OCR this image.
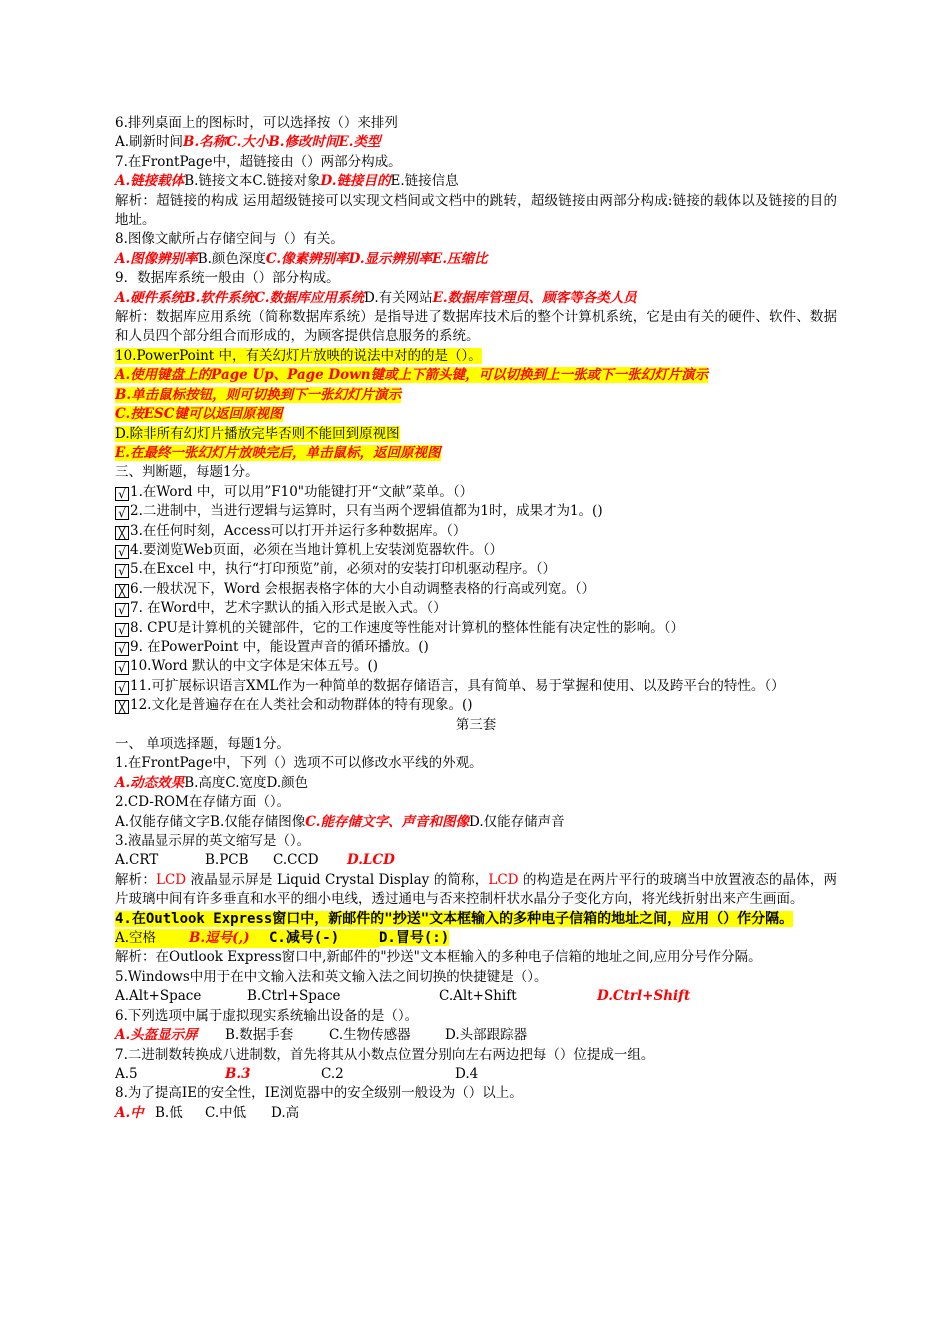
6.排列桌面上的图标时，可以选择按（）来排列
A.刷新时间B.名称C.大小B.修改时间E.类型
7.在FrontPage中，超链接由（）两部分构成。
A.链接载体B.链接文本C.链接对象D.链接目的E.链接信息
解析：超链接的构成 运用超级链接可以实现文档间或文档中的跳转，超级链接由两部分构成:链接的载体以及链接的目的地址。
8.图像文献所占存储空间与（）有关。
A.图像辨别率B.颜色深度C.像素辨别率D.显示辨别率E.压缩比
9．数据库系统一般由（）部分构成。
A.硬件系统B.软件系统C.数据库应用系统D.有关网站E.数据库管理员、顾客等各类人员
解析：数据库应用系统（简称数据库系统）是指导进了数据库技术后的整个计算机系统，它是由有关的硬件、软件、数据和人员四个部分组合而形成的，为顾客提供信息服务的系统。
10.PowerPoint 中，有关幻灯片放映的说法中对的的是（）。
A.使用键盘上的Page Up、Page Down键或上下箭头键，可以切换到上一张或下一张幻灯片演示
B.单击鼠标按钮，则可切换到下一张幻灯片演示
C.按ESC键可以返回原视图
D.除非所有幻灯片播放完毕否则不能回到原视图
E.在最终一张幻灯片放映完后，单击鼠标，返回原视图
三、判断题，每题1分。
√ 1.在Word 中，可以用”F10"功能键打开“文献”菜单。（）
√ 2.二进制中，当进行逻辑与运算时，只有当两个逻辑值都为1时，成果才为1。()
╳ 3.在任何时刻，Access可以打开并运行多种数据库。（）
√ 4.要浏览Web页面，必须在当地计算机上安装浏览器软件。（）
√ 5.在Excel 中，执行“打印预览”前，必须对的安装打印机驱动程序。（）
╳ 6.一般状况下，Word 会根据表格字体的大小自动调整表格的行高或列宽。（）
√ 7. 在Word中，艺术字默认的插入形式是嵌入式。（）
√ 8. CPU是计算机的关键部件，它的工作速度等性能对计算机的整体性能有决定性的影响。（）
√ 9. 在PowerPoint 中，能设置声音的循环播放。()
√ 10.Word 默认的中文字体是宋体五号。()
√ 11.可扩展标识语言XML作为一种简单的数据存储语言，具有简单、易于掌握和使用、以及跨平台的特性。（）
╳ 12.文化是普遍存在在人类社会和动物群体的特有现象。()
第三套
一、 单项选择题，每题1分。
1.在FrontPage中，下列（）选项不可以修改水平线的外观。
A.动态效果B.高度C.宽度D.颜色
2.CD-ROM在存储方面（）。
A.仅能存储文字B.仅能存储图像C.能存储文字、声音和图像D.仅能存储声音
3.液晶显示屏的英文缩写是（）。
A.CRT	B.PCB C.CCD D.LCD
解析：LCD 液晶显示屏是 Liquid Crystal Display 的简称，LCD 的构造是在两片平行的玻璃当中放置液态的晶体，两片玻璃中间有许多垂直和水平的细小电线，透过通电与否来控制杆状水晶分子变化方向，将光线折射出来产生画面。
4.在Outlook Express窗口中，新邮件的"抄送"文本框输入的多种电子信箱的地址之间，应用（）作分隔。
A.空格 B.逗号(,) C.减号(-)	D.冒号(:)
解析：在Outlook Express窗口中,新邮件的"抄送"文本框输入的多种电子信箱的地址之间,应用分号作分隔。
5.Windows中用于在中文输入法和英文输入法之间切换的快捷键是（）。
A.Alt+Space	B.Ctrl+Space	C.Alt+Shift	D.Ctrl+Shift
6.下列选项中属于虚拟现实系统输出设备的是（）。
A.头盔显示屏 B.数据手套	C.生物传感器	D.头部跟踪器
7.二进制数转换成八进制数，首先将其从小数点位置分别向左右两边把每（）位提成一组。
A.5	B.3	C.2	D.4
8.为了提高IE的安全性，IE浏览器中的安全级别一般设为（）以上。
A.中 B.低 C.中低 D.高
